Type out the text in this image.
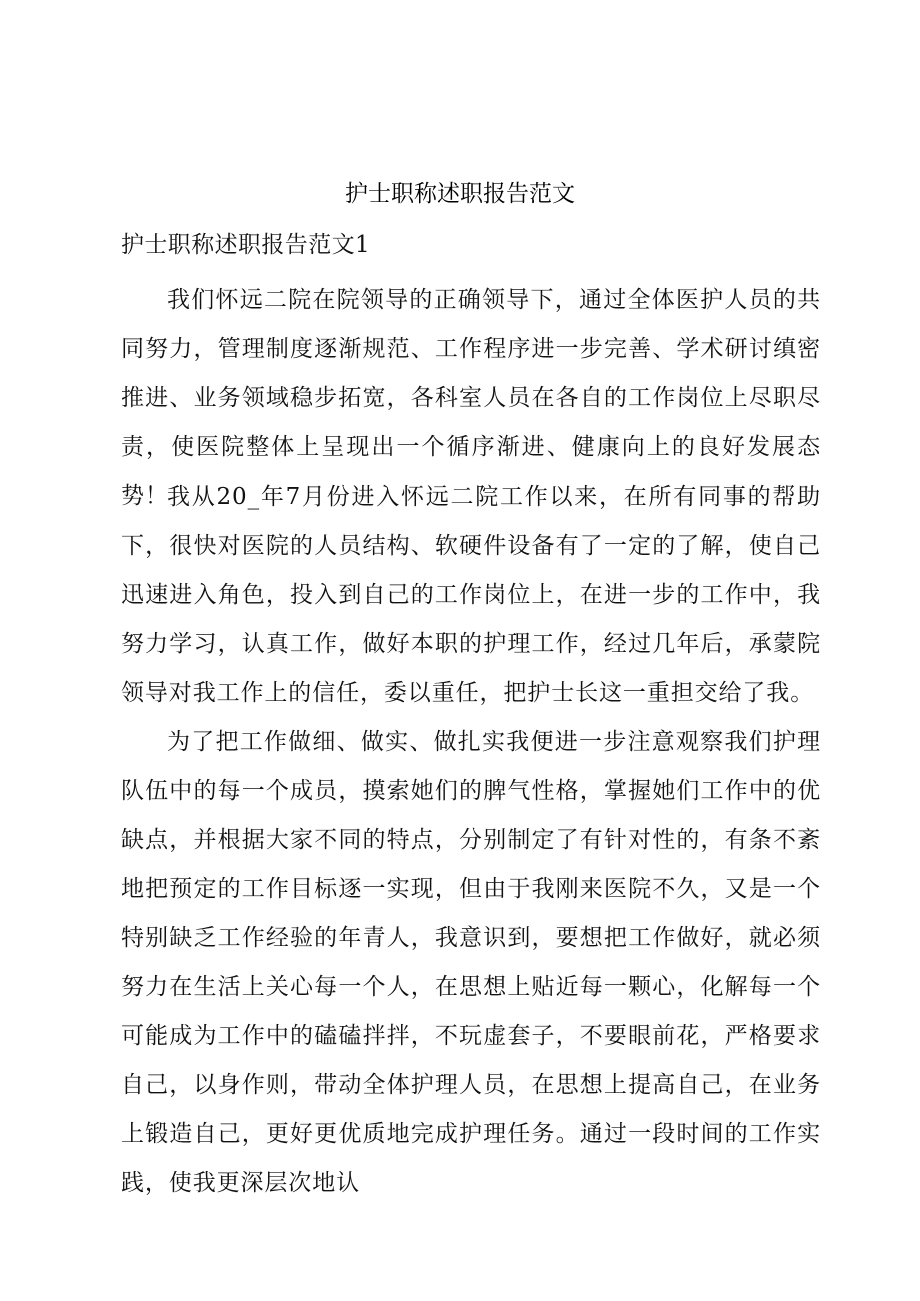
护士职称述职报告范文
护士职称述职报告范文1

我们怀远二院在院领导的正确领导下，通过全体医护人员的共同努力，管理制度逐渐规范、工作程序进一步完善、学术研讨缜密推进、业务领域稳步拓宽，各科室人员在各自的工作岗位上尽职尽责，使医院整体上呈现出一个循序渐进、健康向上的良好发展态势！

我从20_年7月份进入怀远二院工作以来，在所有同事的帮助下，很快对医院的人员结构、软硬件设备有了一定的了解，使自己迅速进入角色，投入到自己的工作岗位上，在进一步的工作中，我努力学习，认真工作，做好本职的护理工作，经过几年后，承蒙院领导对我工作上的信任，委以重任，把护士长这一重担交给了我。

为了把工作做细、做实、做扎实我便进一步注意观察我们护理队伍中的每一个成员，摸索她们的脾气性格，掌握她们工作中的优缺点，并根据大家不同的特点，分别制定了有针对性的，有条不紊地把预定的工作目标逐一实现，但由于我刚来医院不久，又是一个特别缺乏工作经验的年青人，我意识到，要想把工作做好，就必须努力在生活上关心每一个人，在思想上贴近每一颗心，化解每一个可能成为工作中的磕磕拌拌，不玩虚套子，不要眼前花，严格要求自己，以身作则，带动全体护理人员，在思想上提高自己，在业务上锻造自己，更好更优质地完成护理任务。通过一段时间的工作实践，使我更深层次地认
